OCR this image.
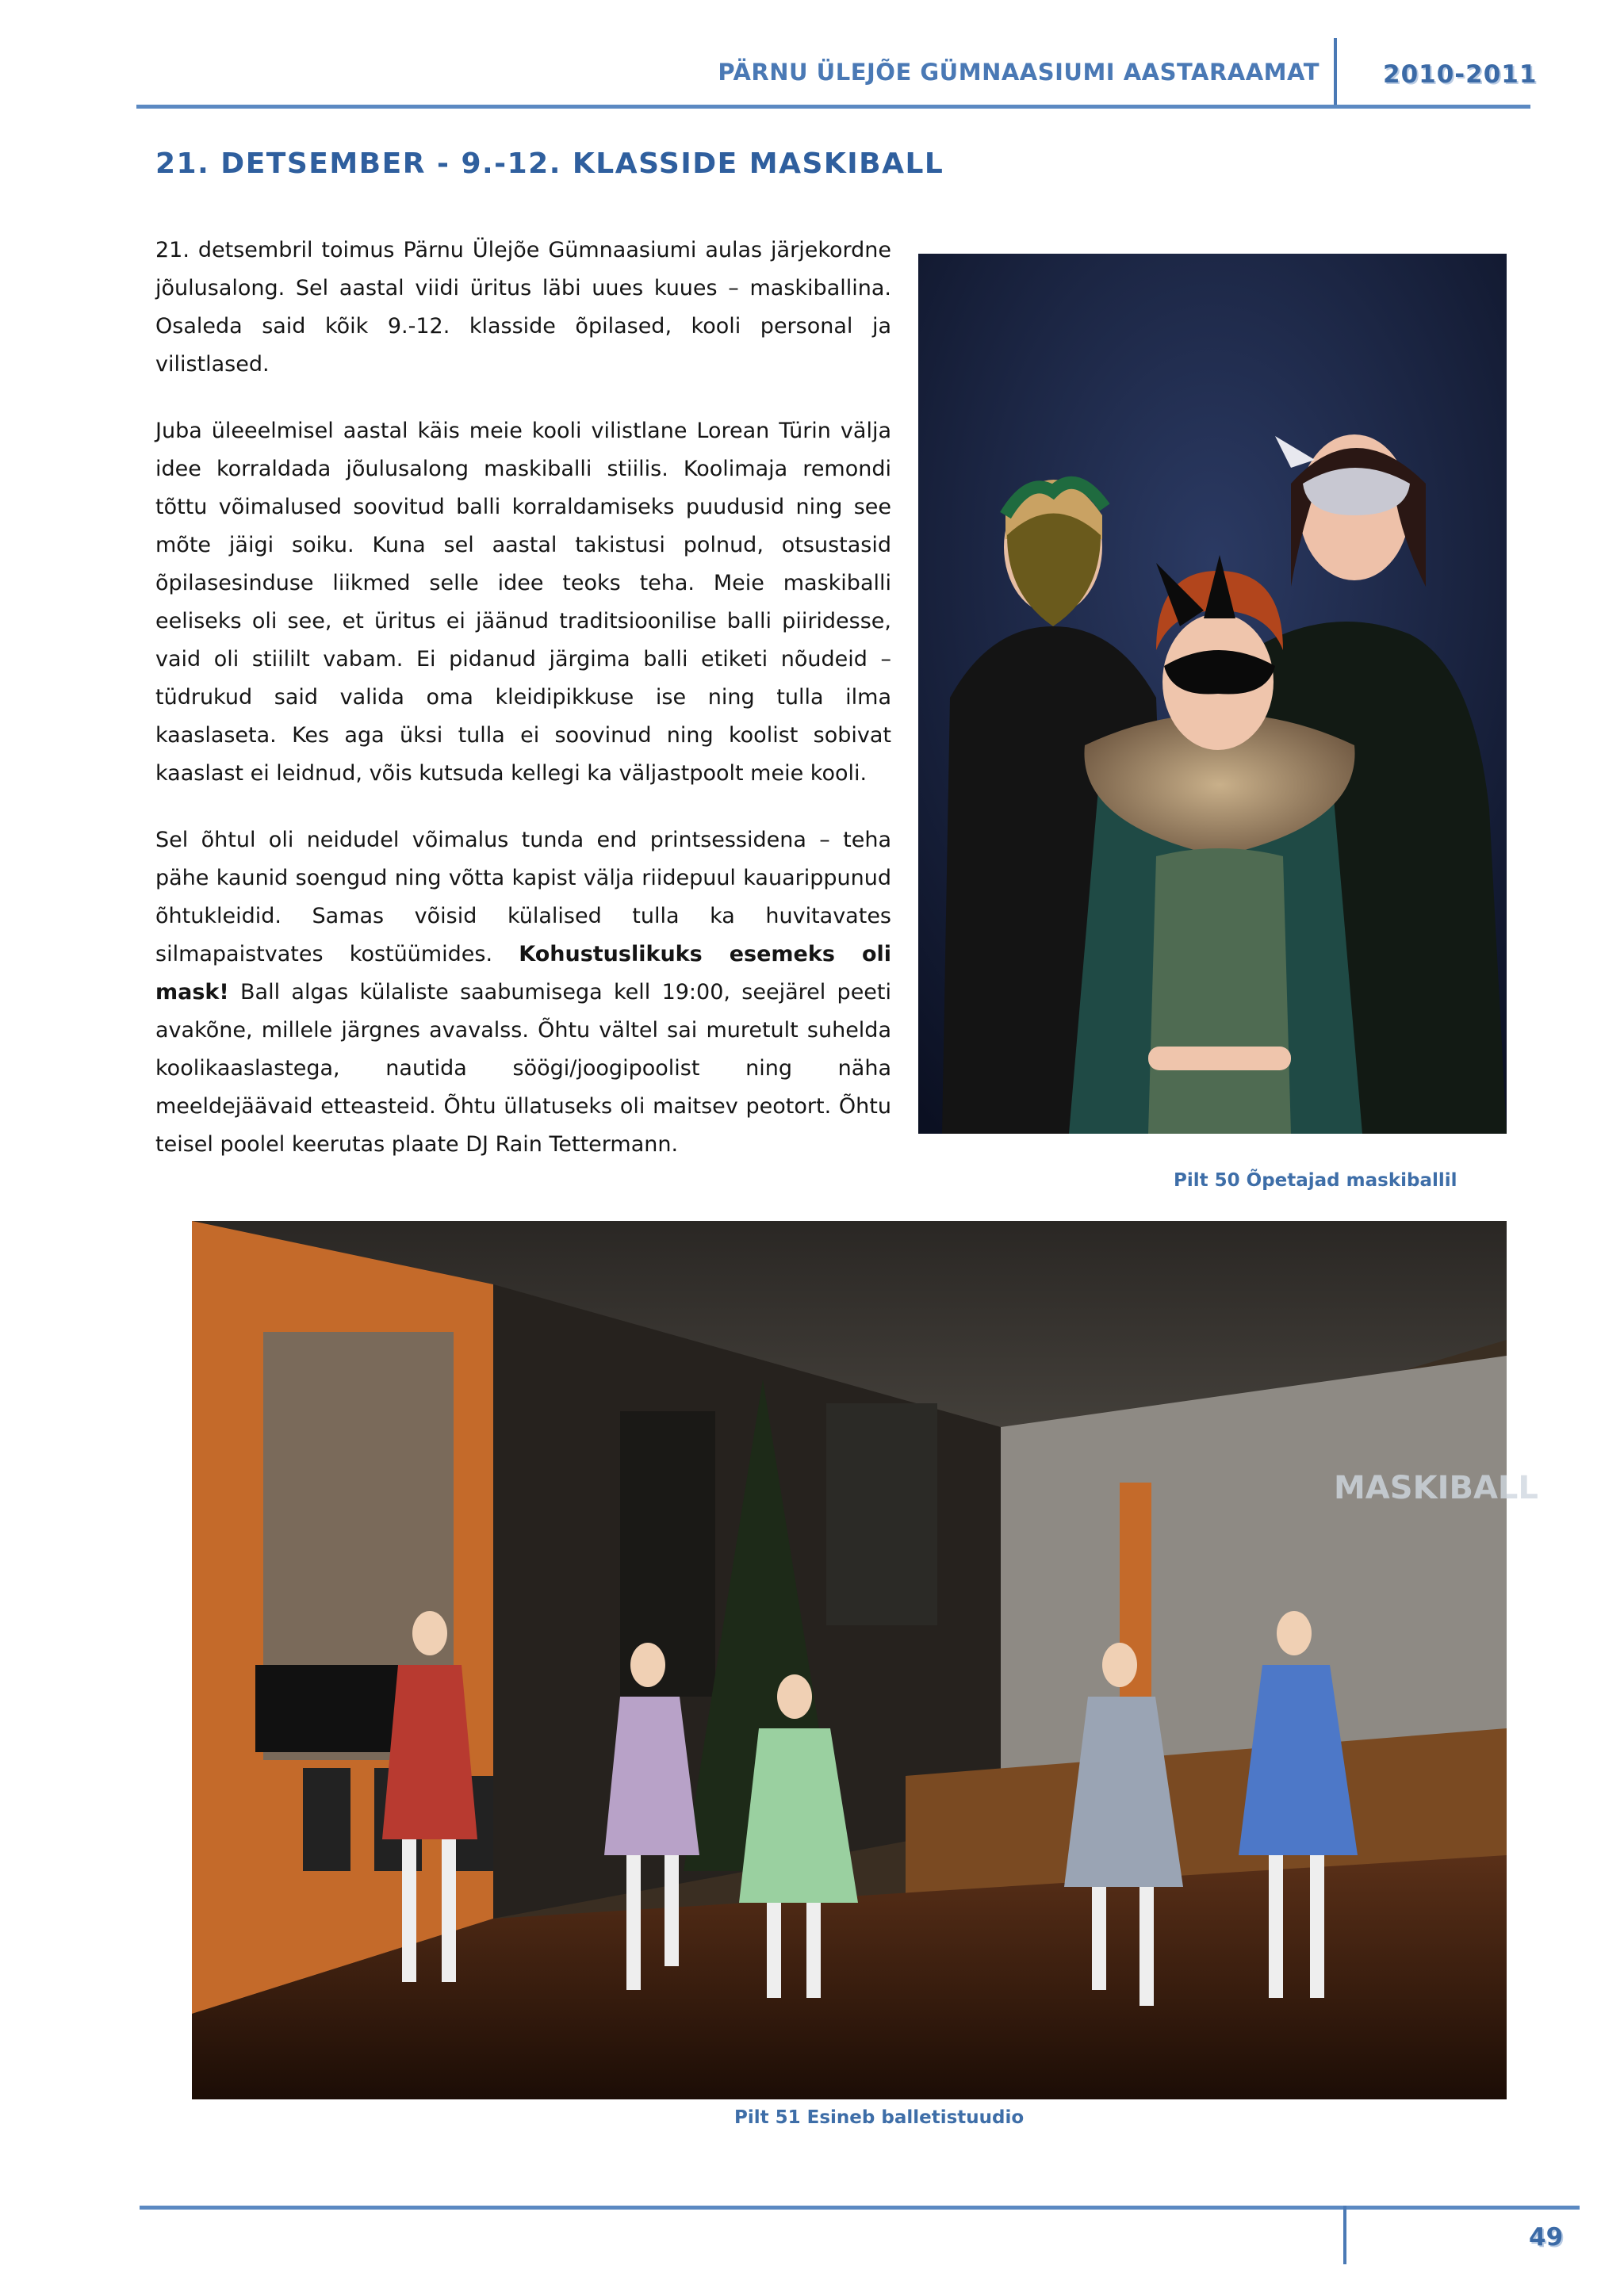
PÄRNU ÜLEJÕE GÜMNAASIUMI AASTARAAMAT	2010-2011
21. DETSEMBER - 9.-12. KLASSIDE MASKIBALL

21. detsembril toimus Pärnu Ülejõe Gümnaasiumi aulas järjekordne jõulusalong. Sel aastal viidi üritus läbi uues kuues – maskiballina. Osaleda said kõik 9.-12. klasside õpilased, kooli personal ja vilistlased.

Juba üleeelmisel aastal käis meie kooli vilistlane Lorean Türin välja idee korraldada jõulusalong maskiballi stiilis. Koolimaja remondi tõttu võimalused soovitud balli korraldamiseks puudusid ning see mõte jäigi soiku. Kuna sel aastal takistusi polnud, otsustasid õpilasesinduse liikmed selle idee teoks teha. Meie maskiballi eeliseks oli see, et üritus ei jäänud traditsioonilise balli piiridesse, vaid oli stiililt vabam. Ei pidanud järgima balli etiketi nõudeid – tüdrukud said valida oma kleidipikkuse ise ning tulla ilma kaaslaseta. Kes aga üksi tulla ei soovinud ning koolist sobivat kaaslast ei leidnud, võis kutsuda kellegi ka väljastpoolt meie kooli.

Sel õhtul oli neidudel võimalus tunda end printsessidena – teha pähe kaunid soengud ning võtta kapist välja riidepuul kauarippunud õhtukleidid. Samas võisid külalised tulla ka huvitavates silmapaistvates kostüümides. Kohustuslikuks esemeks oli mask! Ball algas külaliste saabumisega kell 19:00, seejärel peeti avakõne, millele järgnes avavalss. Õhtu vältel sai muretult suhelda koolikaaslastega, nautida söögi/joogipoolist ning näha meeldejäävaid etteasteid. Õhtu üllatuseks oli maitsev peotort. Õhtu teisel poolel keerutas plaate DJ Rain Tettermann.

Pilt 50 Õpetajad maskiballil
MASKIBALL
Pilt 51 Esineb balletistuudio
49
